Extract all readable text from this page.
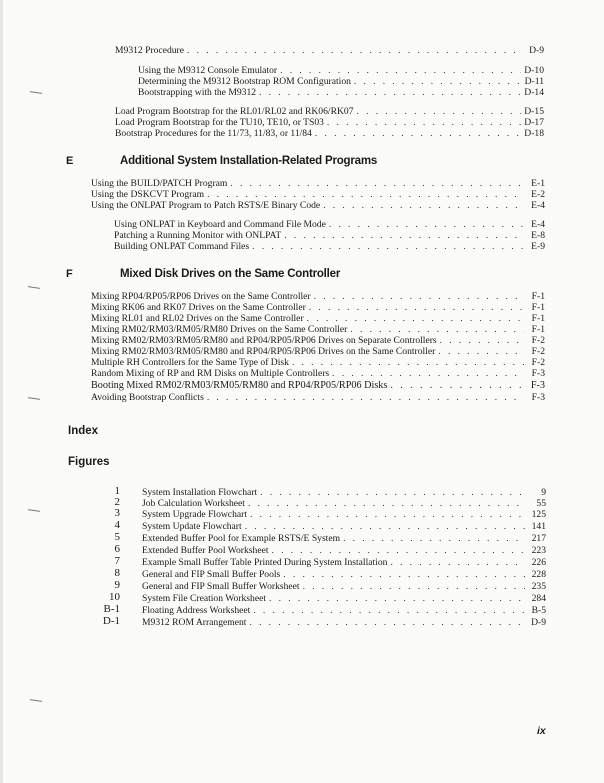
M9312 Procedure . . .	D-9
Using the M9312 Console Emulator . . .	D-10
Determining the M9312 Bootstrap ROM Configuration . . .	D-11
Bootstrapping with the M9312 . . .	D-14
Load Program Bootstrap for the RL01/RL02 and RK06/RK07 . . .	D-15
Load Program Bootstrap for the TU10, TE10, or TS03 . . .	D-17
Bootstrap Procedures for the 11/73, 11/83, or 11/84 . . .	D-18
E	Additional System Installation-Related Programs
Using the BUILD/PATCH Program . . .	E-1
Using the DSKCVT Program . . .	E-2
Using the ONLPAT Program to Patch RSTS/E Binary Code . . .	E-4
Using ONLPAT in Keyboard and Command File Mode . . .	E-4
Patching a Running Monitor with ONLPAT . . .	E-8
Building ONLPAT Command Files . . .	E-9
F	Mixed Disk Drives on the Same Controller
Mixing RP04/RP05/RP06 Drives on the Same Controller . . .	F-1
Mixing RK06 and RK07 Drives on the Same Controller . . .	F-1
Mixing RL01 and RL02 Drives on the Same Controller . . .	F-1
Mixing RM02/RM03/RM05/RM80 Drives on the Same Controller . . .	F-1
Mixing RM02/RM03/RM05/RM80 and RP04/RP05/RP06 Drives on Separate Controllers . . .	F-2
Mixing RM02/RM03/RM05/RM80 and RP04/RP05/RP06 Drives on the Same Controller . . .	F-2
Multiple RH Controllers for the Same Type of Disk . . .	F-2
Random Mixing of RP and RM Disks on Multiple Controllers . . .	F-3
Booting Mixed RM02/RM03/RM05/RM80 and RP04/RP05/RP06 Disks . . .	F-3
Avoiding Bootstrap Conflicts . . .	F-3
Index
Figures
1 System Installation Flowchart . . .	9
2 Job Calculation Worksheet . . .	55
3 System Upgrade Flowchart . . .	125
4 System Update Flowchart . . .	141
5 Extended Buffer Pool for Example RSTS/E System . . .	217
6 Extended Buffer Pool Worksheet . . .	223
7 Example Small Buffer Table Printed During System Installation . . .	226
8 General and FIP Small Buffer Pools . . .	228
9 General and FIP Small Buffer Worksheet . . .	235
10 System File Creation Worksheet . . .	284
B-1 Floating Address Worksheet . . .	B-5
D-1 M9312 ROM Arrangement . . .	D-9
ix
